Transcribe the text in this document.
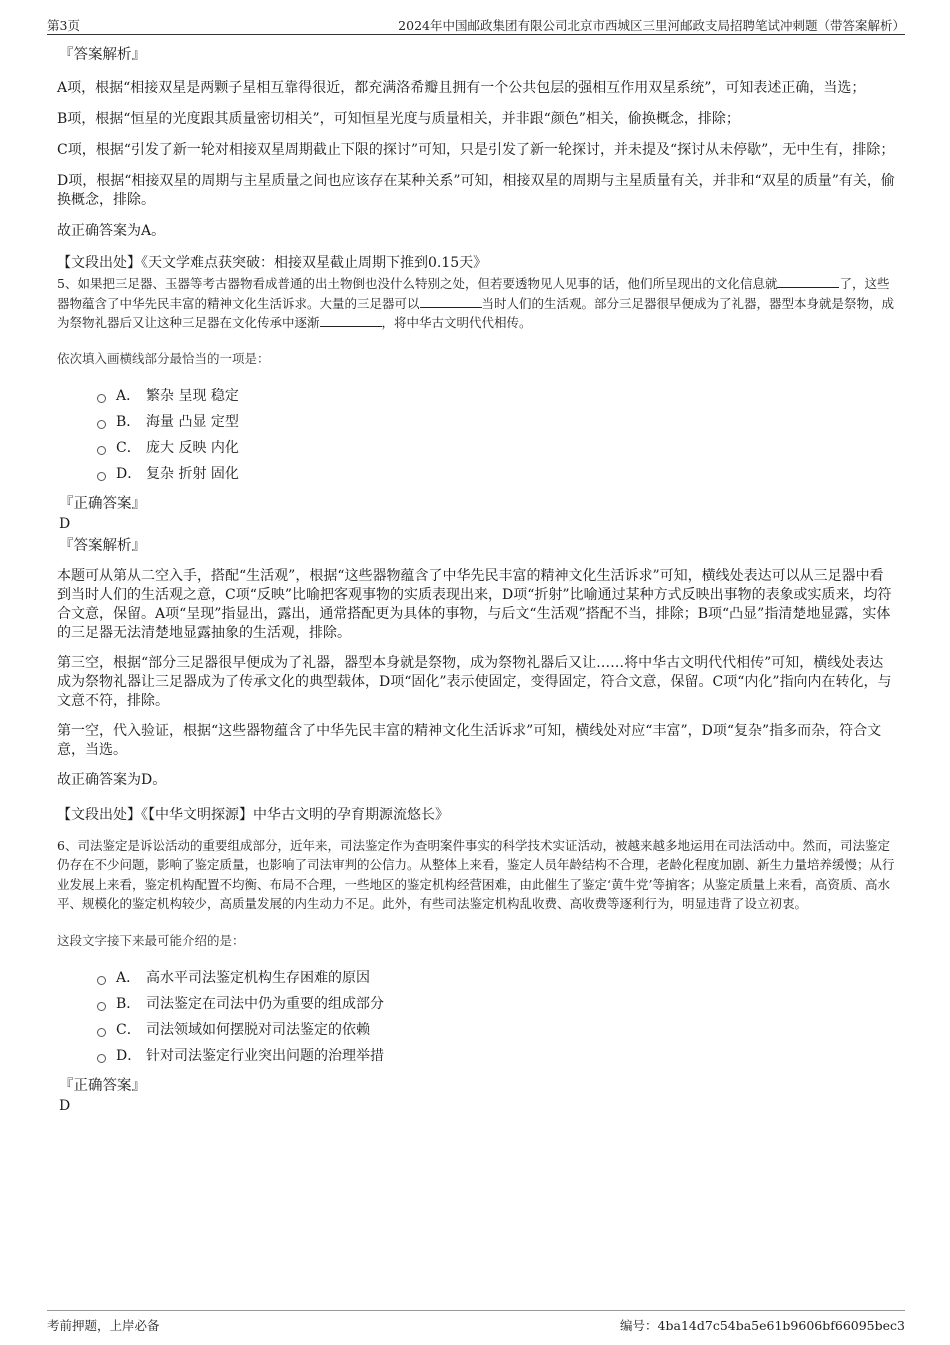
第3页	2024年中国邮政集团有限公司北京市西城区三里河邮政支局招聘笔试冲刺题（带答案解析）

『答案解析』

A项，根据“相接双星是两颗子星相互靠得很近，都充满洛希瓣且拥有一个公共包层的强相互作用双星系统”，可知表述正确，当选；

B项，根据“恒星的光度跟其质量密切相关”，可知恒星光度与质量相关，并非跟“颜色”相关，偷换概念，排除；

C项，根据“引发了新一轮对相接双星周期截止下限的探讨”可知，只是引发了新一轮探讨，并未提及“探讨从未停歇”，无中生有，排除；

D项，根据“相接双星的周期与主星质量之间也应该存在某种关系”可知，相接双星的周期与主星质量有关，并非和“双星的质量”有关，偷换概念，排除。

故正确答案为A。

【文段出处】《天文学难点获突破：相接双星截止周期下推到0.15天》

5、如果把三足器、玉器等考古器物看成普通的出土物倒也没什么特别之处，但若要透物见人见事的话，他们所呈现出的文化信息就	了，这些器物蕴含了中华先民丰富的精神文化生活诉求。大量的三足器可以	当时人们的生活观。部分三足器很早便成为了礼器，器型本身就是祭物，成为祭物礼器后又让这种三足器在文化传承中逐渐	，将中华古文明代代相传。

依次填入画横线部分最恰当的一项是：

A． 繁杂 呈现 稳定
B． 海量 凸显 定型
C． 庞大 反映 内化
D． 复杂 折射 固化

『正确答案』

D

『答案解析』

本题可从第从二空入手，搭配“生活观”，根据“这些器物蕴含了中华先民丰富的精神文化生活诉求”可知，横线处表达可以从三足器中看到当时人们的生活观之意，C项“反映”比喻把客观事物的实质表现出来，D项“折射”比喻通过某种方式反映出事物的表象或实质来，均符合文意，保留。A项“呈现”指显出，露出，通常搭配更为具体的事物，与后文“生活观”搭配不当，排除；B项“凸显”指清楚地显露，实体的三足器无法清楚地显露抽象的生活观，排除。

第三空，根据“部分三足器很早便成为了礼器，器型本身就是祭物，成为祭物礼器后又让……将中华古文明代代相传”可知，横线处表达成为祭物礼器让三足器成为了传承文化的典型载体，D项“固化”表示使固定，变得固定，符合文意，保留。C项“内化”指向内在转化，与文意不符，排除。

第一空，代入验证，根据“这些器物蕴含了中华先民丰富的精神文化生活诉求”可知，横线处对应“丰富”，D项“复杂”指多而杂，符合文意，当选。

故正确答案为D。

【文段出处】《【中华文明探源】中华古文明的孕育期源流悠长》

6、司法鉴定是诉讼活动的重要组成部分，近年来，司法鉴定作为查明案件事实的科学技术实证活动，被越来越多地运用在司法活动中。然而，司法鉴定仍存在不少问题，影响了鉴定质量，也影响了司法审判的公信力。从整体上来看，鉴定人员年龄结构不合理，老龄化程度加剧、新生力量培养缓慢；从行业发展上来看，鉴定机构配置不均衡、布局不合理，一些地区的鉴定机构经营困难，由此催生了鉴定‘黄牛党’等掮客；从鉴定质量上来看，高资质、高水平、规模化的鉴定机构较少，高质量发展的内生动力不足。此外，有些司法鉴定机构乱收费、高收费等逐利行为，明显违背了设立初衷。

这段文字接下来最可能介绍的是：

A． 高水平司法鉴定机构生存困难的原因
B． 司法鉴定在司法中仍为重要的组成部分
C． 司法领域如何摆脱对司法鉴定的依赖
D． 针对司法鉴定行业突出问题的治理举措

『正确答案』

D

考前押题，上岸必备	编号：4ba14d7c54ba5e61b9606bf66095bec3
